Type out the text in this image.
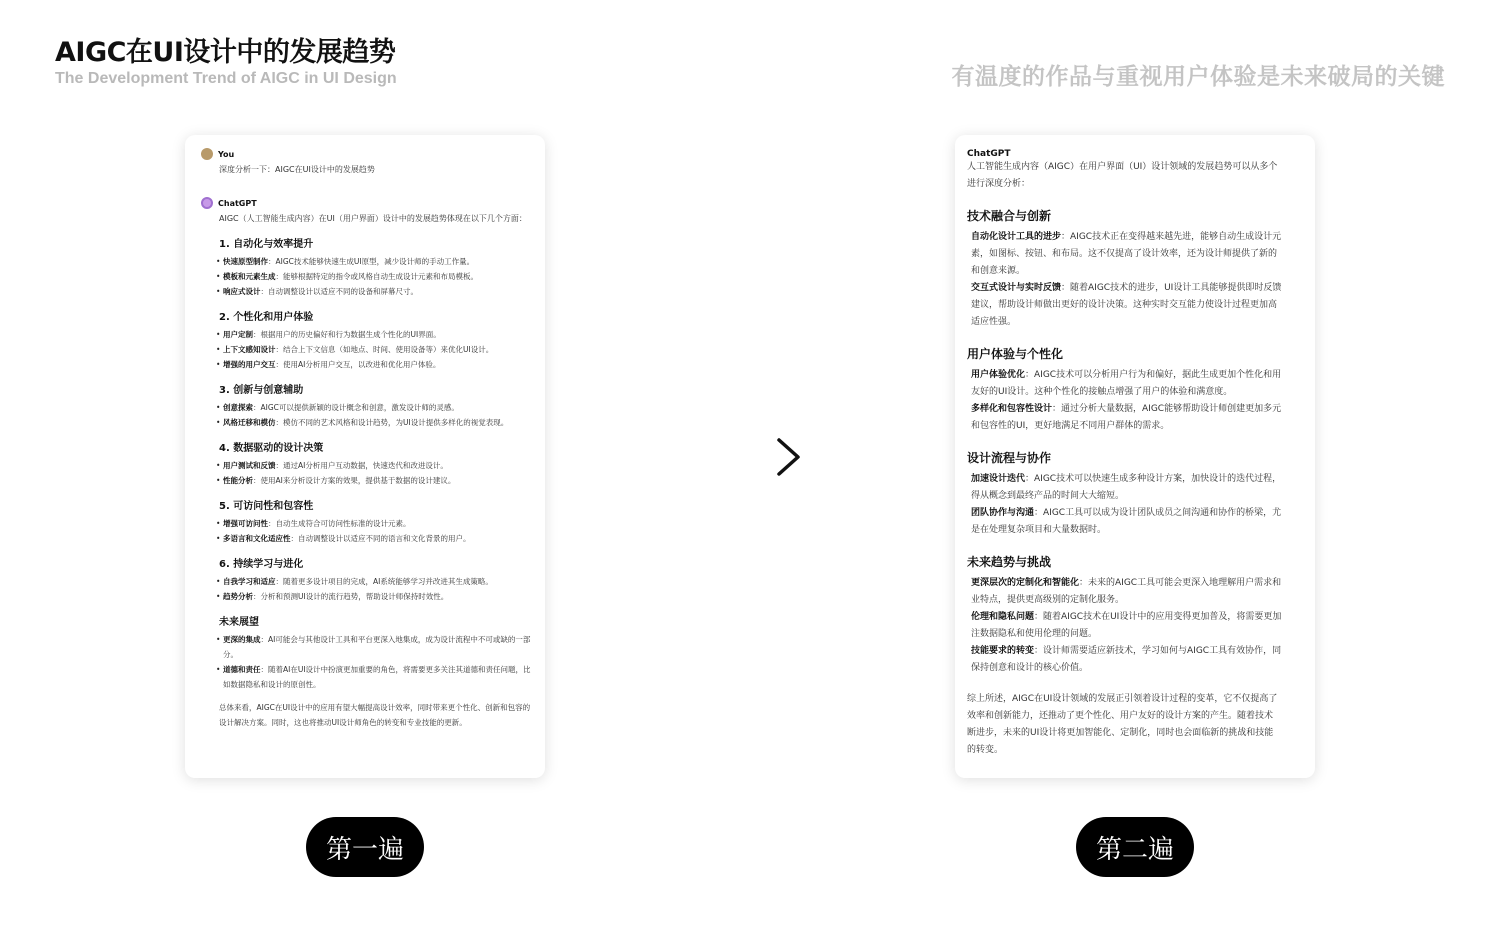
AIGC在UI设计中的发展趋势
The Development Trend of AIGC in UI Design	有温度的作品与重视用户体验是未来破局的关键
You
深度分析一下：AIGC在UI设计中的发展趋势
ChatGPT
AIGC（人工智能生成内容）在UI（用户界面）设计中的发展趋势体现在以下几个方面：
1. 自动化与效率提升
• 快速原型制作：AIGC技术能够快速生成UI原型，减少设计师的手动工作量。
• 模板和元素生成：能够根据特定的指令或风格自动生成设计元素和布局模板。
• 响应式设计：自动调整设计以适应不同的设备和屏幕尺寸。
2. 个性化和用户体验
• 用户定制：根据用户的历史偏好和行为数据生成个性化的UI界面。
• 上下文感知设计：结合上下文信息（如地点、时间、使用设备等）来优化UI设计。
• 增强的用户交互：使用AI分析用户交互，以改进和优化用户体验。
3. 创新与创意辅助
• 创意探索：AIGC可以提供新颖的设计概念和创意，激发设计师的灵感。
• 风格迁移和模仿：模仿不同的艺术风格和设计趋势，为UI设计提供多样化的视觉表现。
4. 数据驱动的设计决策
• 用户测试和反馈：通过AI分析用户互动数据，快速迭代和改进设计。
• 性能分析：使用AI来分析设计方案的效果，提供基于数据的设计建议。
5. 可访问性和包容性
• 增强可访问性：自动生成符合可访问性标准的设计元素。
• 多语言和文化适应性：自动调整设计以适应不同的语言和文化背景的用户。
6. 持续学习与进化
• 自我学习和适应：随着更多设计项目的完成，AI系统能够学习并改进其生成策略。
• 趋势分析：分析和预测UI设计的流行趋势，帮助设计师保持时效性。
未来展望
• 更深的集成：AI可能会与其他设计工具和平台更深入地集成，成为设计流程中不可或缺的一部分。
• 道德和责任：随着AI在UI设计中扮演更加重要的角色，将需要更多关注其道德和责任问题，比如数据隐私和设计的原创性。
总体来看，AIGC在UI设计中的应用有望大幅提高设计效率，同时带来更个性化、创新和包容的设计解决方案。同时，这也将推动UI设计师角色的转变和专业技能的更新。
ChatGPT
人工智能生成内容（AIGC）在用户界面（UI）设计领域的发展趋势可以从多个
进行深度分析：
技术融合与创新
自动化设计工具的进步：AIGC技术正在变得越来越先进，能够自动生成设计元
素，如图标、按钮、和布局。这不仅提高了设计效率，还为设计师提供了新的
和创意来源。
交互式设计与实时反馈：随着AIGC技术的进步，UI设计工具能够提供即时反馈
建议，帮助设计师做出更好的设计决策。这种实时交互能力使设计过程更加高
适应性强。
用户体验与个性化
用户体验优化：AIGC技术可以分析用户行为和偏好，据此生成更加个性化和用
友好的UI设计。这种个性化的接触点增强了用户的体验和满意度。
多样化和包容性设计：通过分析大量数据，AIGC能够帮助设计师创建更加多元
和包容性的UI，更好地满足不同用户群体的需求。
设计流程与协作
加速设计迭代：AIGC技术可以快速生成多种设计方案，加快设计的迭代过程，
得从概念到最终产品的时间大大缩短。
团队协作与沟通：AIGC工具可以成为设计团队成员之间沟通和协作的桥梁，尤
是在处理复杂项目和大量数据时。
未来趋势与挑战
更深层次的定制化和智能化：未来的AIGC工具可能会更深入地理解用户需求和
业特点，提供更高级别的定制化服务。
伦理和隐私问题：随着AIGC技术在UI设计中的应用变得更加普及，将需要更加
注数据隐私和使用伦理的问题。
技能要求的转变：设计师需要适应新技术，学习如何与AIGC工具有效协作，同
保持创意和设计的核心价值。
综上所述，AIGC在UI设计领域的发展正引领着设计过程的变革，它不仅提高了
效率和创新能力，还推动了更个性化、用户友好的设计方案的产生。随着技术
断进步，未来的UI设计将更加智能化、定制化，同时也会面临新的挑战和技能
的转变。
第一遍	第二遍
